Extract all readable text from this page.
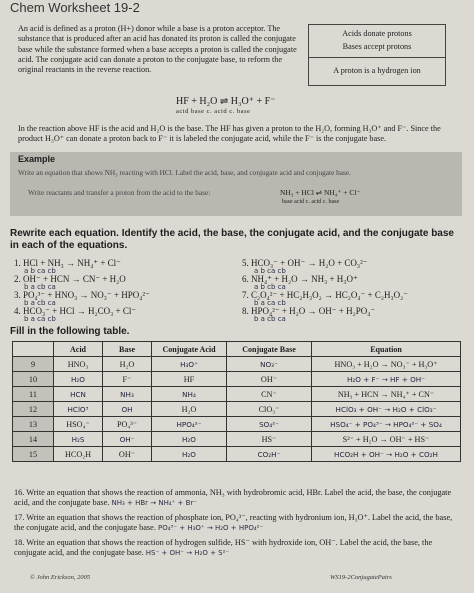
Chem Worksheet 19-2
An acid is defined as a proton (H+) donor while a base is a proton acceptor. The substance that is produced after an acid has donated its proton is called the conjugate base while the substance formed when a base accepts a proton is called the conjugate acid. The conjugate acid can donate a proton to the conjugate base, to reform the original reactants in the reverse reaction.
Acids donate protons
Bases accept protons
A proton is a hydrogen ion
HF + H₂O ⇌ H₃O⁺ + F⁻
acid base c. acid c. base
In the reaction above HF is the acid and H₂O is the base. The HF has given a proton to the H₂O, forming H₃O⁺ and F⁻. Since the product H₃O⁺ can donate a proton back to F⁻ it is labeled the conjugate acid, while the F⁻ is the conjugate base.
Example
Write an equation that shows NH₃ reacting with HCl. Label the acid, base, and conjugate acid and conjugate base.
Write reactants and transfer a proton from the acid to the base:	NH₃ + HCl ⇌ NH₄⁺ + Cl⁻
base acid c. acid c. base
Rewrite each equation. Identify the acid, the base, the conjugate acid, and the conjugate base in each of the equations.
1. HCl + NH₃ → NH₄⁺ + Cl⁻
a b ca cb
2. OH⁻ + HCN → CN⁻ + H₂O
b a cb ca
3. PO₄³⁻ + HNO₃ → NO₃⁻ + HPO₄²⁻
b a cb ca
4. HCO₃⁻ + HCl → H₂CO₃ + Cl⁻
b a ca cb
5. HCO₃⁻ + OH⁻ → H₂O + CO₃²⁻
a b ca cb
6. NH₄⁺ + H₂O → NH₃ + H₃O⁺
a b cb ca
7. C₂O₄²⁻ + HC₂H₃O₂ → HC₂O₄⁻ + C₂H₃O₂⁻
b a ca cb
8. HPO₄²⁻ + H₂O → OH⁻ + H₂PO₄⁻
b a cb ca
Fill in the following table.
	Acid	Base	Conjugate Acid	Conjugate Base	Equation
9	HNO₃	H₂O	H₃O⁺	NO₃⁻	HNO₃ + H₂O → NO₃⁻ + H₃O⁺
10	H₂O	F⁻	HF	OH⁻	H₂O + F⁻ → HF + OH⁻
11	HCN	NH₃	NH₄	CN⁻	NH₃ + HCN → NH₄⁺ + CN⁻
12	HClO³	OH	H₂O	ClO₃⁻	HClO₃ + OH⁻ → H₂O + ClO₃⁻
13	HSO₄⁻	PO₄³⁻	HPO₄²⁻	SO₄²⁻	HSO₄⁻ + PO₄³⁻ → HPO₄²⁻ + SO₄
14	H₂S	OH⁻	H₂O	HS⁻	S²⁻ + H₂O → OH⁻ + HS⁻
15	HCO₂H	OH⁻	H₂O	CO₂H⁻	HCO₂H + OH⁻ → H₂O + CO₂H
16. Write an equation that shows the reaction of ammonia, NH₃ with hydrobromic acid, HBr. Label the acid, the base, the conjugate acid, and the conjugate base. NH₃ + HBr → NH₄⁺ + Br⁻
17. Write an equation that shows the reaction of phosphate ion, PO₄³⁻, reacting with hydronium ion, H₃O⁺. Label the acid, the base, the conjugate acid, and the conjugate base. PO₄³⁻ + H₃O⁺ → H₂O + HPO₄²⁻
18. Write an equation that shows the reaction of hydrogen sulfide, HS⁻ with hydroxide ion, OH⁻. Label the acid, the base, the conjugate acid, and the conjugate base. HS⁻ + OH⁻ → H₂O + S²⁻
© John Erickson, 2005	WS19-2ConjugatePairs
